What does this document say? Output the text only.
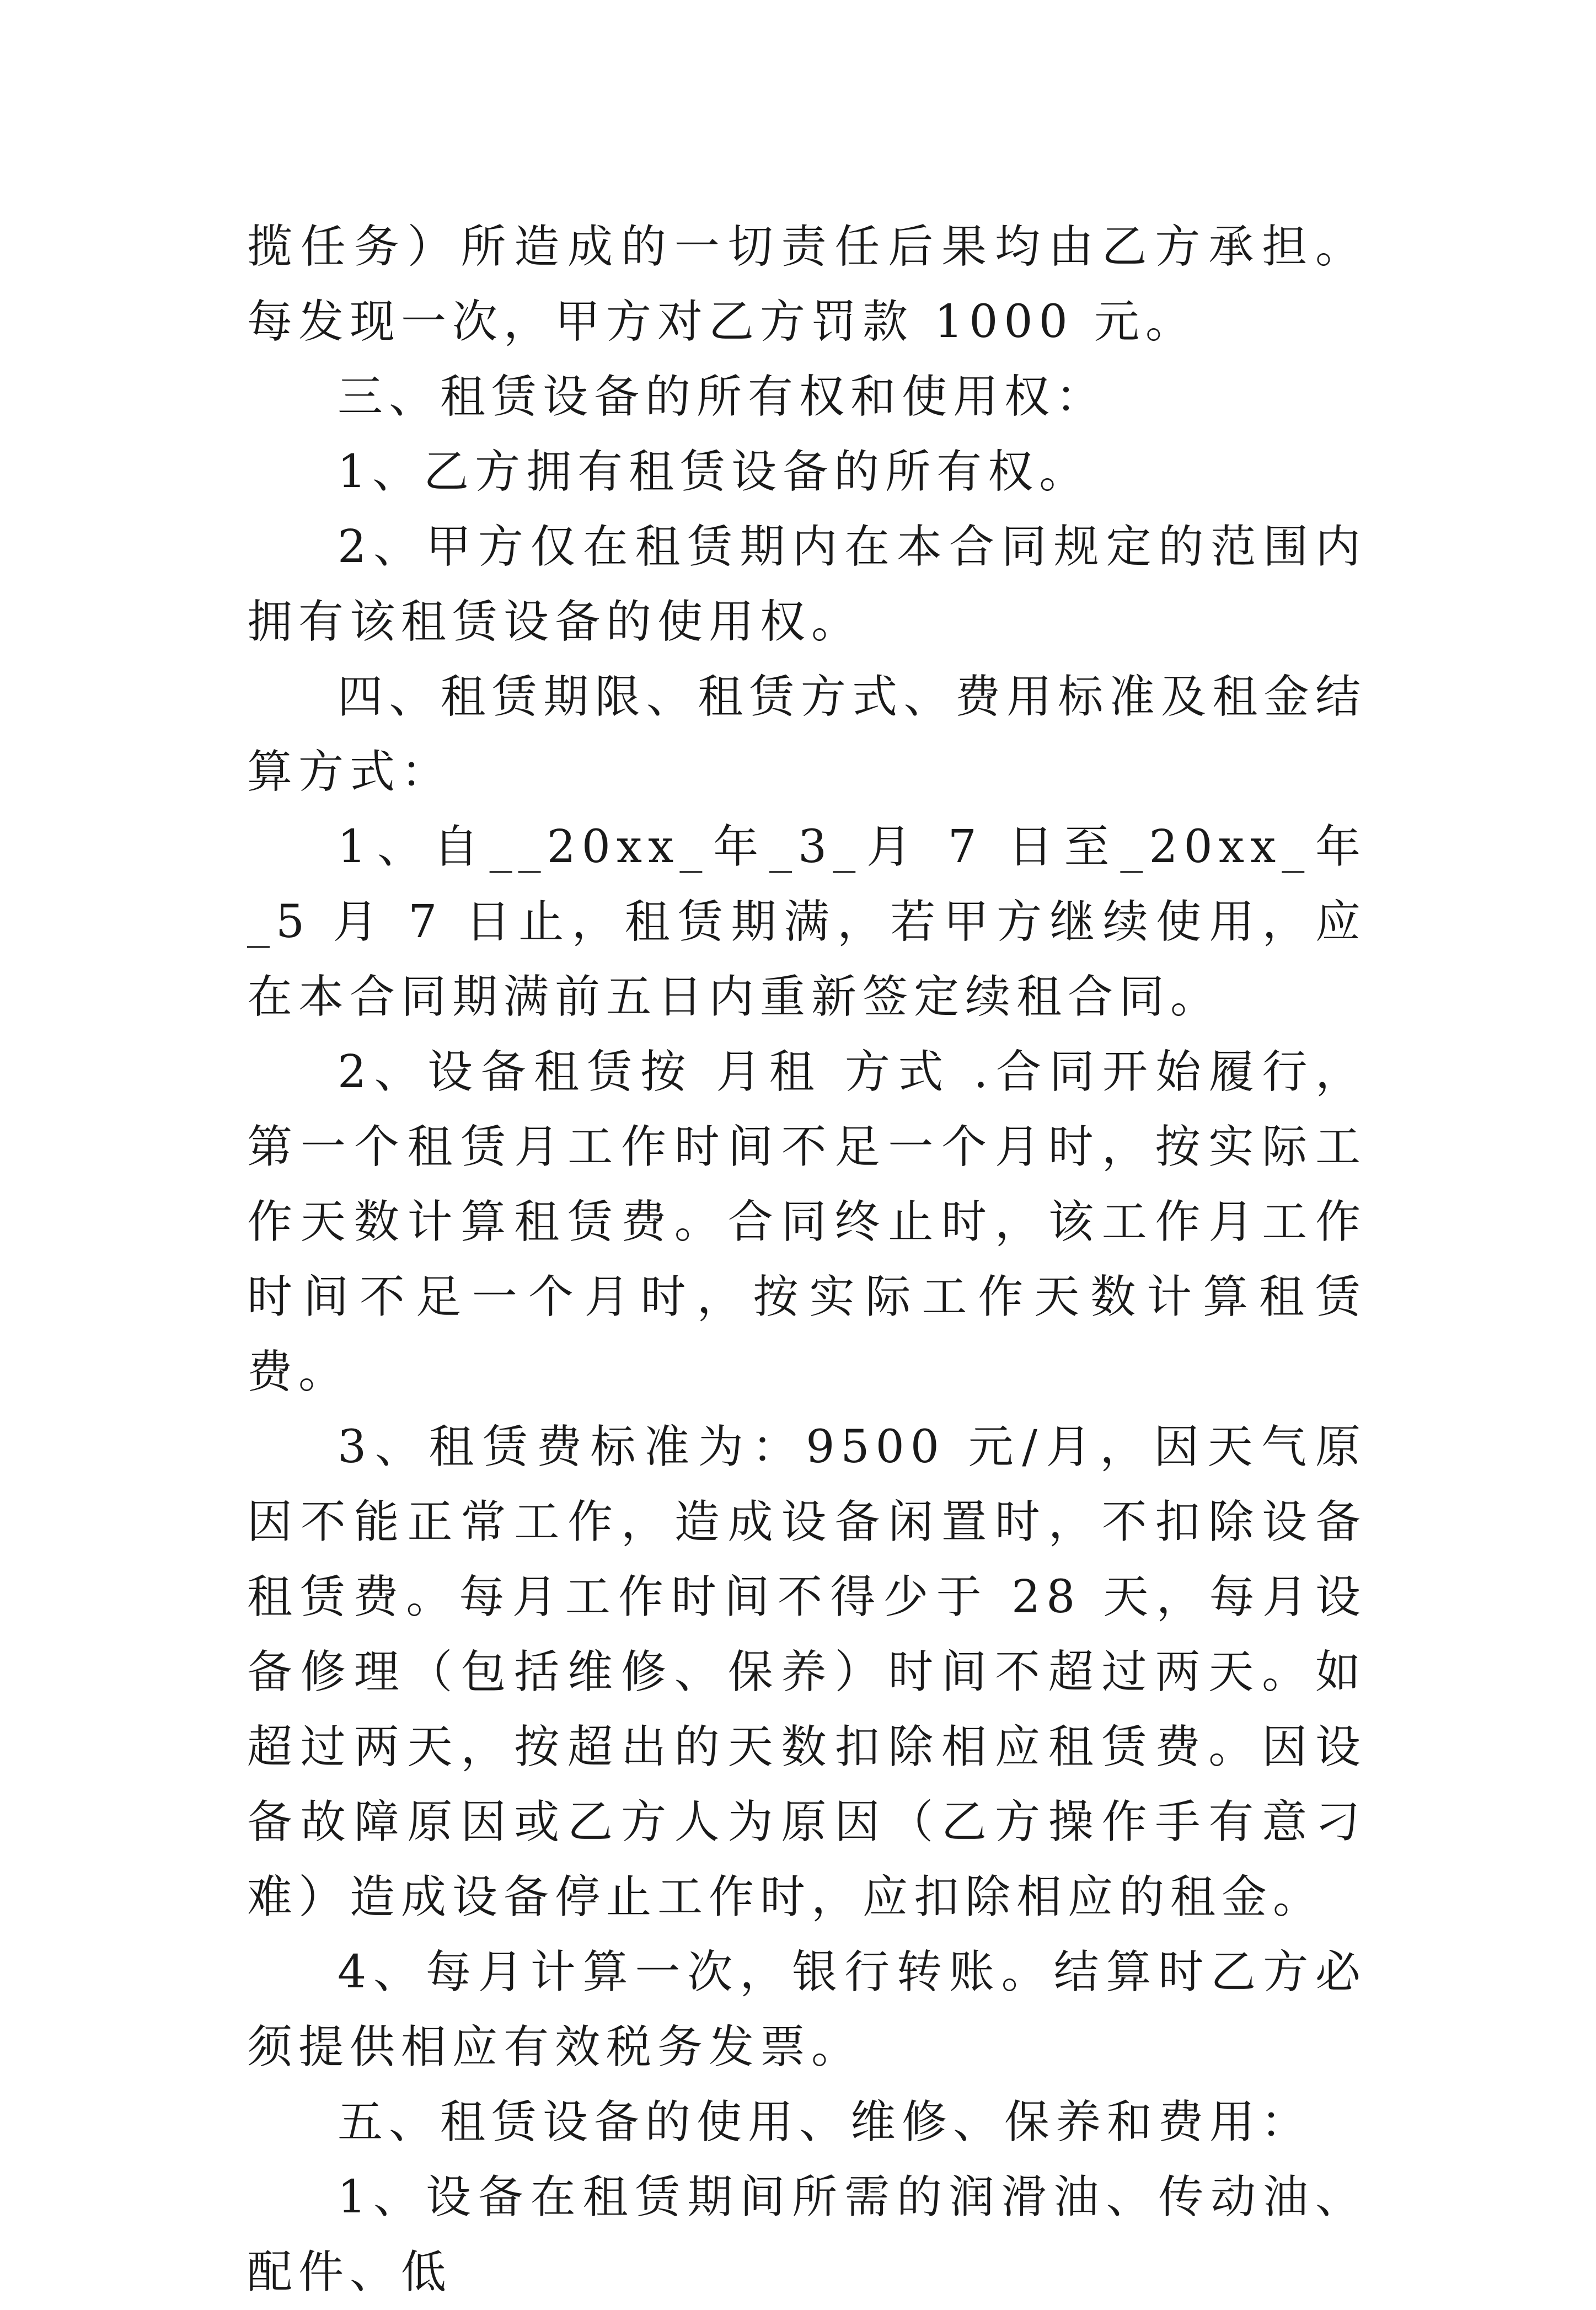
揽任务）所造成的一切责任后果均由乙方承担。每发现一次，甲方对乙方罚款 1000 元。

三、租赁设备的所有权和使用权：

1、乙方拥有租赁设备的所有权。

2、甲方仅在租赁期内在本合同规定的范围内拥有该租赁设备的使用权。

四、租赁期限、租赁方式、费用标准及租金结算方式：

1、自__20xx_年_3_月 7 日至_20xx_年_5 月 7 日止，租赁期满，若甲方继续使用，应在本合同期满前五日内重新签定续租合同。

2、设备租赁按 月租 方式 .合同开始履行，第一个租赁月工作时间不足一个月时，按实际工作天数计算租赁费。合同终止时，该工作月工作时间不足一个月时，按实际工作天数计算租赁费。

3、租赁费标准为：9500 元/月，因天气原因不能正常工作，造成设备闲置时，不扣除设备租赁费。每月工作时间不得少于 28 天，每月设备修理（包括维修、保养）时间不超过两天。如超过两天，按超出的天数扣除相应租赁费。因设备故障原因或乙方人为原因（乙方操作手有意刁难）造成设备停止工作时，应扣除相应的租金。

4、每月计算一次，银行转账。结算时乙方必须提供相应有效税务发票。

五、租赁设备的使用、维修、保养和费用：

1、设备在租赁期间所需的润滑油、传动油、配件、低
